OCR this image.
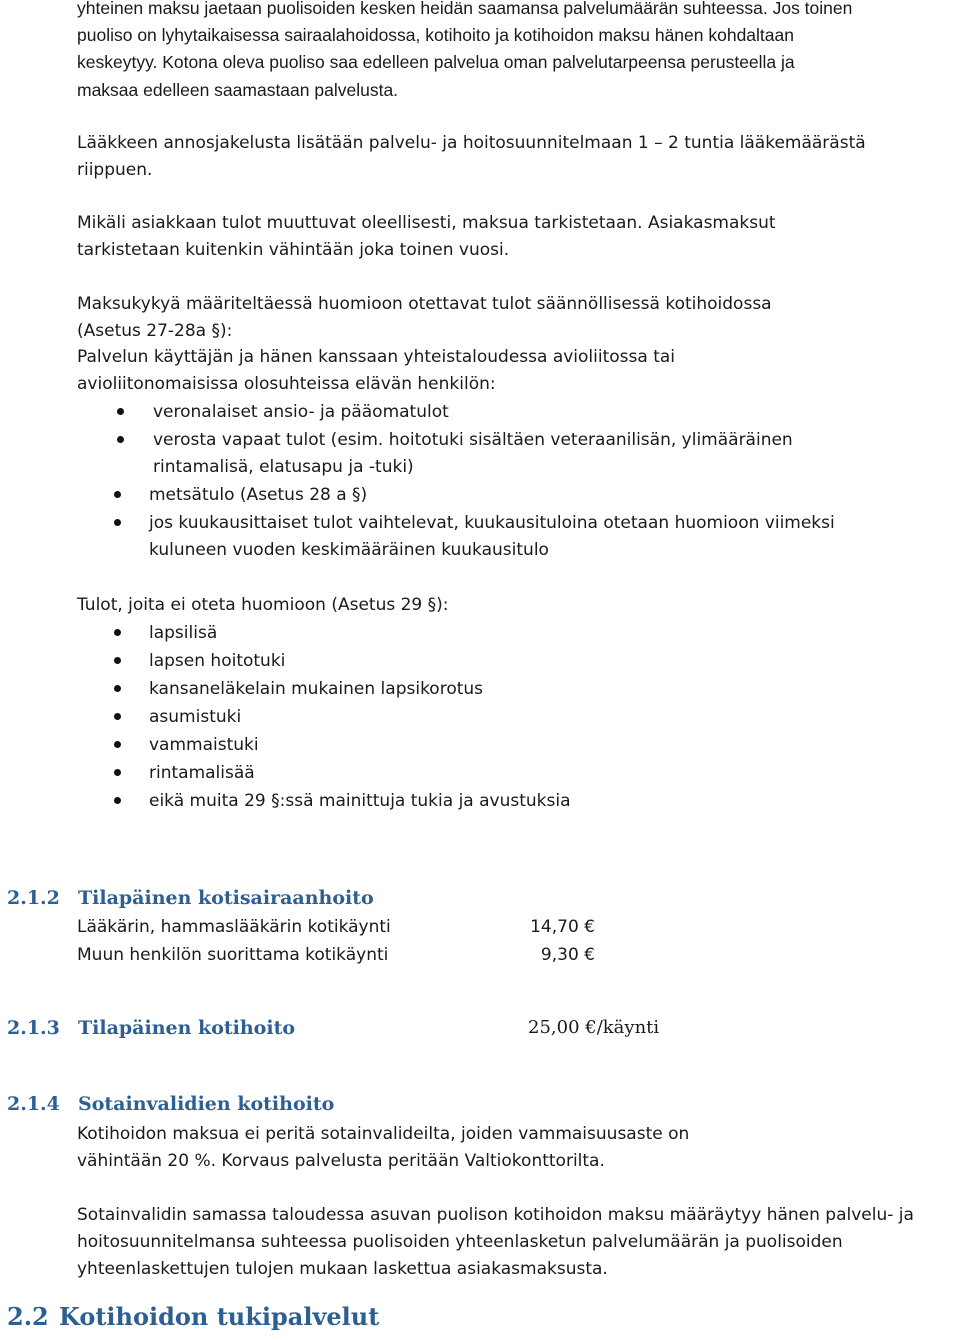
yhteinen maksu jaetaan puolisoiden kesken heidän saamansa palvelumäärän suhteessa. Jos toinen
puoliso on lyhytaikaisessa sairaalahoidossa, kotihoito ja kotihoidon maksu hänen kohdaltaan
keskeytyy. Kotona oleva puoliso saa edelleen palvelua oman palvelutarpeensa perusteella ja
maksaa edelleen saamastaan palvelusta.
Lääkkeen annosjakelusta lisätään palvelu- ja hoitosuunnitelmaan 1 – 2 tuntia lääkemäärästä
riippuen.
Mikäli asiakkaan tulot muuttuvat oleellisesti, maksua tarkistetaan. Asiakasmaksut
tarkistetaan kuitenkin vähintään joka toinen vuosi.
Maksukykyä määriteltäessä huomioon otettavat tulot säännöllisessä kotihoidossa
(Asetus 27-28a §):
Palvelun käyttäjän ja hänen kanssaan yhteistaloudessa avioliitossa tai
avioliitonomaisissa olosuhteissa elävän henkilön:
veronalaiset ansio- ja pääomatulot
verosta vapaat tulot (esim. hoitotuki sisältäen veteraanilisän, ylimääräinen
rintamalisä, elatusapu ja -tuki)
metsätulo (Asetus 28 a §)
jos kuukausittaiset tulot vaihtelevat, kuukausituloina otetaan huomioon viimeksi
kuluneen vuoden keskimääräinen kuukausitulo
Tulot, joita ei oteta huomioon (Asetus 29 §):
lapsilisä
lapsen hoitotuki
kansaneläkelain mukainen lapsikorotus
asumistuki
vammaistuki
rintamalisää
eikä muita 29 §:ssä mainittuja tukia ja avustuksia
2.1.2 Tilapäinen kotisairaanhoito
Lääkärin, hammaslääkärin kotikäynti	14,70 €
Muun henkilön suorittama kotikäynti	9,30 €
2.1.3 Tilapäinen kotihoito	25,00 €/käynti
2.1.4 Sotainvalidien kotihoito
Kotihoidon maksua ei peritä sotainvalideilta, joiden vammaisuusaste on
vähintään 20 %. Korvaus palvelusta peritään Valtiokonttorilta.
Sotainvalidin samassa taloudessa asuvan puolison kotihoidon maksu määräytyy hänen palvelu- ja
hoitosuunnitelmansa suhteessa puolisoiden yhteenlasketun palvelumäärän ja puolisoiden
yhteenlaskettujen tulojen mukaan laskettua asiakasmaksusta.
2.2 Kotihoidon tukipalvelut
